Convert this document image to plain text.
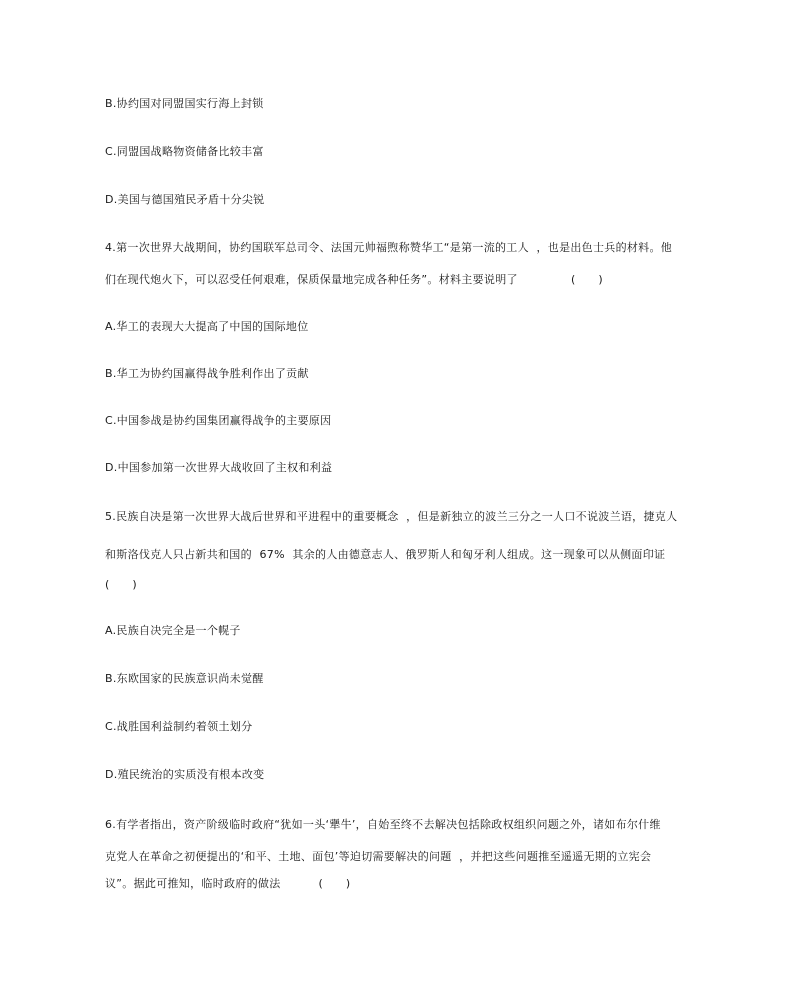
B.协约国对同盟国实行海上封锁
C.同盟国战略物资储备比较丰富
D.美国与德国殖民矛盾十分尖锐
4.第一次世界大战期间，协约国联军总司令、法国元帅福煦称赞华工“是第一流的工人  ，也是出色士兵的材料。他
们在现代炮火下，可以忍受任何艰难，保质保量地完成各种任务”。材料主要说明了              (      )
A.华工的表现大大提高了中国的国际地位
B.华工为协约国赢得战争胜利作出了贡献
C.中国参战是协约国集团赢得战争的主要原因
D.中国参加第一次世界大战收回了主权和利益
5.民族自决是第一次世界大战后世界和平进程中的重要概念  ，但是新独立的波兰三分之一人口不说波兰语，捷克人
和斯洛伐克人只占新共和国的  67%  其余的人由德意志人、俄罗斯人和匈牙利人组成。这一现象可以从侧面印证
(      )
A.民族自决完全是一个幌子
B.东欧国家的民族意识尚未觉醒
C.战胜国利益制约着领土划分
D.殖民统治的实质没有根本改变
6.有学者指出，资产阶级临时政府“犹如一头‘犟牛’，自始至终不去解决包括除政权组织问题之外，诸如布尔什维
克党人在革命之初便提出的‘和平、土地、面包’等迫切需要解决的问题  ，并把这些问题推至遥遥无期的立宪会
议”。据此可推知，临时政府的做法          (      )
